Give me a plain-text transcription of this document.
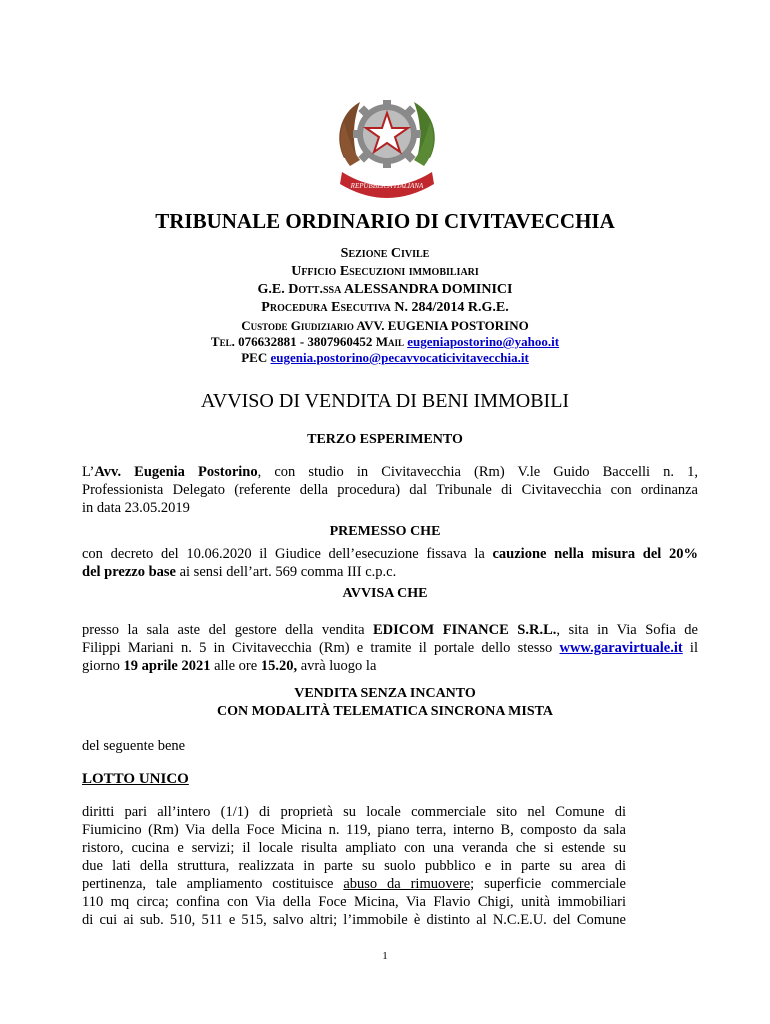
REPUBBLICA ITALIANA
TRIBUNALE ORDINARIO DI CIVITAVECCHIA
Sezione Civile
Ufficio Esecuzioni immobiliari
G.E. Dott.ssa ALESSANDRA DOMINICI
Procedura Esecutiva N. 284/2014 R.G.E.
Custode Giudiziario AVV. EUGENIA POSTORINO
Tel. 076632881 - 3807960452 Mail eugeniapostorino@yahoo.it
PEC eugenia.postorino@pecavvocaticivitavecchia.it
AVVISO DI VENDITA DI BENI IMMOBILI
TERZO ESPERIMENTO
L’Avv. Eugenia Postorino, con studio in Civitavecchia (Rm) V.le Guido Baccelli n. 1,
Professionista Delegato (referente della procedura) dal Tribunale di Civitavecchia con ordinanza
in data 23.05.2019
PREMESSO CHE
con decreto del 10.06.2020 il Giudice dell’esecuzione fissava la cauzione nella misura del 20%
del prezzo base ai sensi dell’art. 569 comma III c.p.c.
AVVISA CHE
presso la sala aste del gestore della vendita EDICOM FINANCE S.R.L., sita in Via Sofia de
Filippi Mariani n. 5 in Civitavecchia (Rm) e tramite il portale dello stesso www.garavirtuale.it il
giorno 19 aprile 2021 alle ore 15.20, avrà luogo la
VENDITA SENZA INCANTO
CON MODALITÀ TELEMATICA SINCRONA MISTA
del seguente bene
LOTTO UNICO
diritti pari all’intero (1/1) di proprietà su locale commerciale sito nel Comune di
Fiumicino (Rm) Via della Foce Micina n. 119, piano terra, interno B, composto da sala
ristoro, cucina e servizi; il locale risulta ampliato con una veranda che si estende su
due lati della struttura, realizzata in parte su suolo pubblico e in parte su area di
pertinenza, tale ampliamento costituisce abuso da rimuovere; superficie commerciale
110 mq circa; confina con Via della Foce Micina, Via Flavio Chigi, unità immobiliari
di cui ai sub. 510, 511 e 515, salvo altri; l’immobile è distinto al N.C.E.U. del Comune
1
